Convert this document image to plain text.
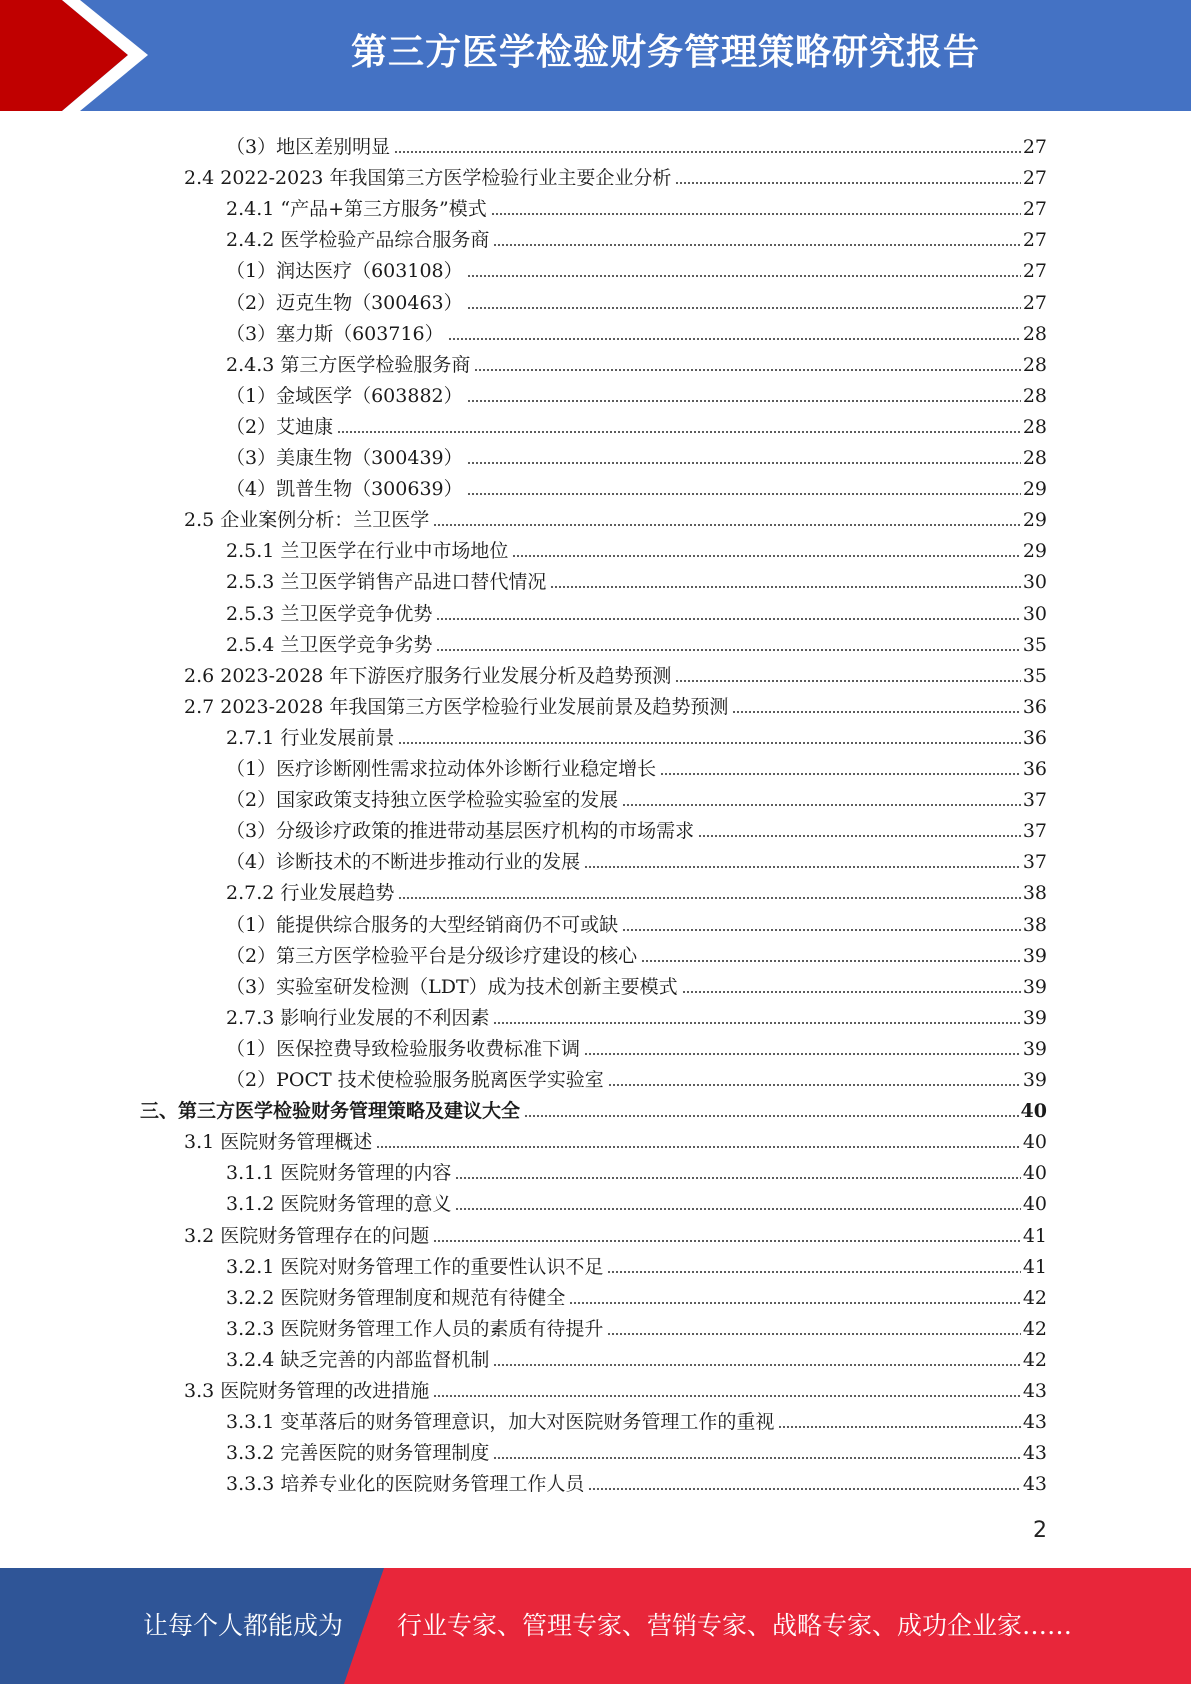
第三方医学检验财务管理策略研究报告
（3）地区差别明显	27
2.4 2022-2023 年我国第三方医学检验行业主要企业分析	27
2.4.1 “产品+第三方服务”模式	27
2.4.2 医学检验产品综合服务商	27
（1）润达医疗（603108）	27
（2）迈克生物（300463）	27
（3）塞力斯（603716）	28
2.4.3 第三方医学检验服务商	28
（1）金域医学（603882）	28
（2）艾迪康	28
（3）美康生物（300439）	28
（4）凯普生物（300639）	29
2.5 企业案例分析：兰卫医学	29
2.5.1 兰卫医学在行业中市场地位	29
2.5.3 兰卫医学销售产品进口替代情况	30
2.5.3 兰卫医学竞争优势	30
2.5.4 兰卫医学竞争劣势	35
2.6 2023-2028 年下游医疗服务行业发展分析及趋势预测	35
2.7 2023-2028 年我国第三方医学检验行业发展前景及趋势预测	36
2.7.1 行业发展前景	36
（1）医疗诊断刚性需求拉动体外诊断行业稳定增长	36
（2）国家政策支持独立医学检验实验室的发展	37
（3）分级诊疗政策的推进带动基层医疗机构的市场需求	37
（4）诊断技术的不断进步推动行业的发展	37
2.7.2 行业发展趋势	38
（1）能提供综合服务的大型经销商仍不可或缺	38
（2）第三方医学检验平台是分级诊疗建设的核心	39
（3）实验室研发检测（LDT）成为技术创新主要模式	39
2.7.3 影响行业发展的不利因素	39
（1）医保控费导致检验服务收费标准下调	39
（2）POCT 技术使检验服务脱离医学实验室	39
三、第三方医学检验财务管理策略及建议大全	40
3.1 医院财务管理概述	40
3.1.1 医院财务管理的内容	40
3.1.2 医院财务管理的意义	40
3.2 医院财务管理存在的问题	41
3.2.1 医院对财务管理工作的重要性认识不足	41
3.2.2 医院财务管理制度和规范有待健全	42
3.2.3 医院财务管理工作人员的素质有待提升	42
3.2.4 缺乏完善的内部监督机制	42
3.3 医院财务管理的改进措施	43
3.3.1 变革落后的财务管理意识，加大对医院财务管理工作的重视	43
3.3.2 完善医院的财务管理制度	43
3.3.3 培养专业化的医院财务管理工作人员	43
2
让每个人都能成为 行业专家、管理专家、营销专家、战略专家、成功企业家……
